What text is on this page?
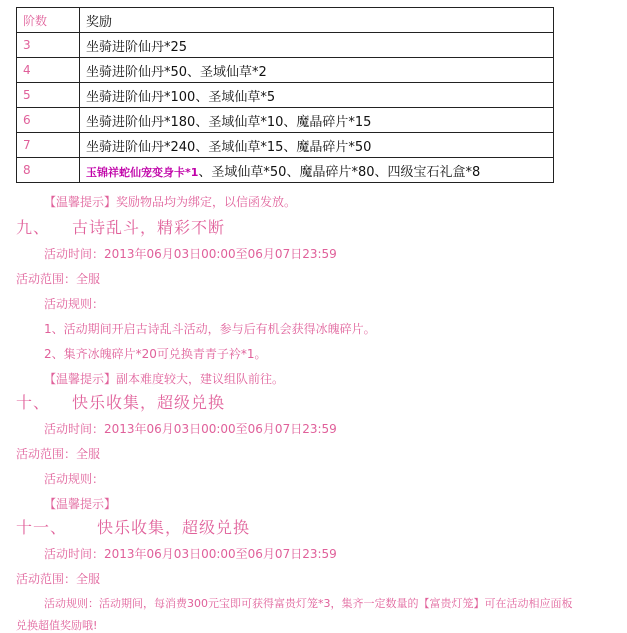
阶数	奖励
3	坐骑进阶仙丹*25
4	坐骑进阶仙丹*50、圣域仙草*2
5	坐骑进阶仙丹*100、圣域仙草*5
6	坐骑进阶仙丹*180、圣域仙草*10、魔晶碎片*15
7	坐骑进阶仙丹*240、圣域仙草*15、魔晶碎片*50
8	玉锦祥蛇仙宠变身卡*1、圣域仙草*50、魔晶碎片*80、四级宝石礼盒*8
【温馨提示】奖励物品均为绑定，以信函发放。
九、 古诗乱斗，精彩不断
活动时间：2013年06月03日00:00至06月07日23:59
活动范围：全服
活动规则：
1、活动期间开启古诗乱斗活动，参与后有机会获得冰魄碎片。
2、集齐冰魄碎片*20可兑换青青子衿*1。
【温馨提示】副本难度较大，建议组队前往。
十、 快乐收集，超级兑换
活动时间：2013年06月03日00:00至06月07日23:59
活动范围：全服
活动规则：
【温馨提示】
十一、 快乐收集，超级兑换
活动时间：2013年06月03日00:00至06月07日23:59
活动范围：全服
活动规则：活动期间，每消费300元宝即可获得富贵灯笼*3，集齐一定数量的【富贵灯笼】可在活动相应面板
兑换超值奖励哦!
